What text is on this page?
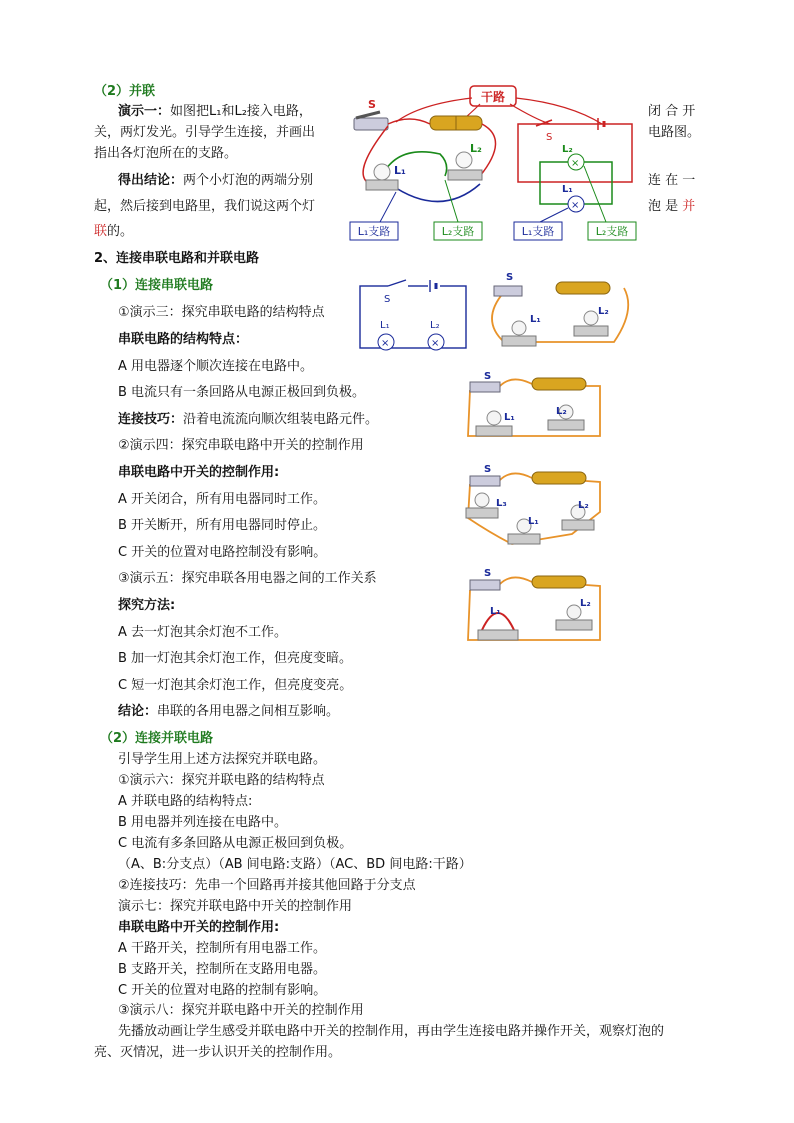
（2）并联
演示一：如图把L₁和L₂接入电路，	闭 合 开
关，两灯发光。引导学生连接，并画出	电路图。
指出各灯泡所在的支路。
得出结论：两个小灯泡的两端分别	连 在 一
起，然后接到电路里，我们说这两个灯	泡 是 并
联的。
干路
S
L₁
L₂
L₁支路	L₂支路
S
×
L₂
×
L₁
L₁支路	L₂支路
2、连接串联电路和并联电路
（1）连接串联电路
①演示三：探究串联电路的结构特点
串联电路的结构特点：
A 用电器逐个顺次连接在电路中。
B 电流只有一条回路从电源正极回到负极。
连接技巧：沿着电流流向顺次组装电路元件。
②演示四：探究串联电路中开关的控制作用
串联电路中开关的控制作用:
A 开关闭合，所有用电器同时工作。
B 开关断开，所有用电器同时停止。
C 开关的位置对电路控制没有影响。
③演示五：探究串联各用电器之间的工作关系
探究方法:
A 去一灯泡其余灯泡不工作。
B 加一灯泡其余灯泡工作，但亮度变暗。
C 短一灯泡其余灯泡工作，但亮度变亮。
结论：串联的各用电器之间相互影响。
S
×
L₁
×
L₂
S
L₁
L₂
S
L₁
L₂
S
L₃
L₁
L₂
S
L₁
L₂
（2）连接并联电路
引导学生用上述方法探究并联电路。
①演示六：探究并联电路的结构特点
A 并联电路的结构特点:
B 用电器并列连接在电路中。
C 电流有多条回路从电源正极回到负极。
（A、B:分支点）（AB 间电路:支路）（AC、BD 间电路:干路）
②连接技巧：先串一个回路再并接其他回路于分支点
演示七：探究并联电路中开关的控制作用
串联电路中开关的控制作用:
A 干路开关，控制所有用电器工作。
B 支路开关，控制所在支路用电器。
C 开关的位置对电路的控制有影响。
③演示八：探究并联电路中开关的控制作用
先播放动画让学生感受并联电路中开关的控制作用，再由学生连接电路并操作开关，观察灯泡的
亮、灭情况，进一步认识开关的控制作用。
